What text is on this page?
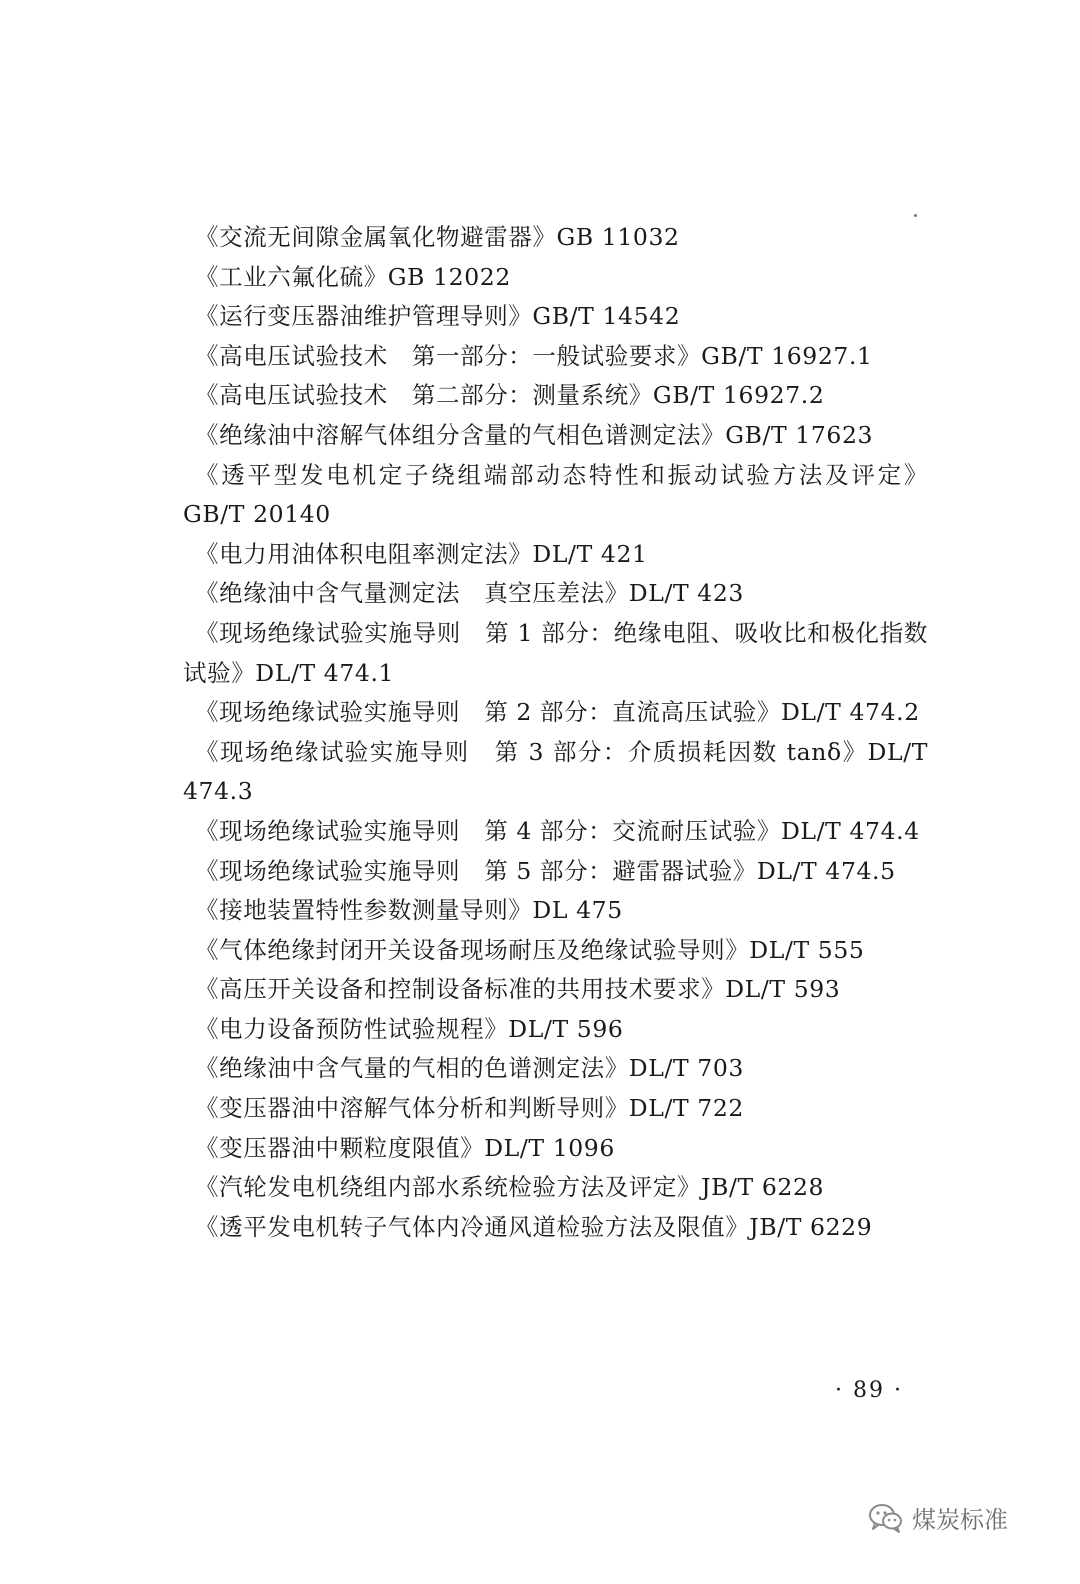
《交流无间隙金属氧化物避雷器》GB 11032

《工业六氟化硫》GB 12022

《运行变压器油维护管理导则》GB/T 14542

《高电压试验技术　第一部分：一般试验要求》GB/T 16927.1

《高电压试验技术　第二部分：测量系统》GB/T 16927.2

《绝缘油中溶解气体组分含量的气相色谱测定法》GB/T 17623

《透平型发电机定子绕组端部动态特性和振动试验方法及评定》GB/T 20140

《电力用油体积电阻率测定法》DL/T 421

《绝缘油中含气量测定法　真空压差法》DL/T 423

《现场绝缘试验实施导则　第 1 部分：绝缘电阻、吸收比和极化指数试验》DL/T 474.1

《现场绝缘试验实施导则　第 2 部分：直流高压试验》DL/T 474.2

《现场绝缘试验实施导则　第 3 部分：介质损耗因数 tanδ》DL/T 474.3

《现场绝缘试验实施导则　第 4 部分：交流耐压试验》DL/T 474.4

《现场绝缘试验实施导则　第 5 部分：避雷器试验》DL/T 474.5

《接地装置特性参数测量导则》DL 475

《气体绝缘封闭开关设备现场耐压及绝缘试验导则》DL/T 555

《高压开关设备和控制设备标准的共用技术要求》DL/T 593

《电力设备预防性试验规程》DL/T 596

《绝缘油中含气量的气相的色谱测定法》DL/T 703

《变压器油中溶解气体分析和判断导则》DL/T 722

《变压器油中颗粒度限值》DL/T 1096

《汽轮发电机绕组内部水系统检验方法及评定》JB/T 6228

《透平发电机转子气体内冷通风道检验方法及限值》JB/T 6229

· 89 ·
煤炭标准
